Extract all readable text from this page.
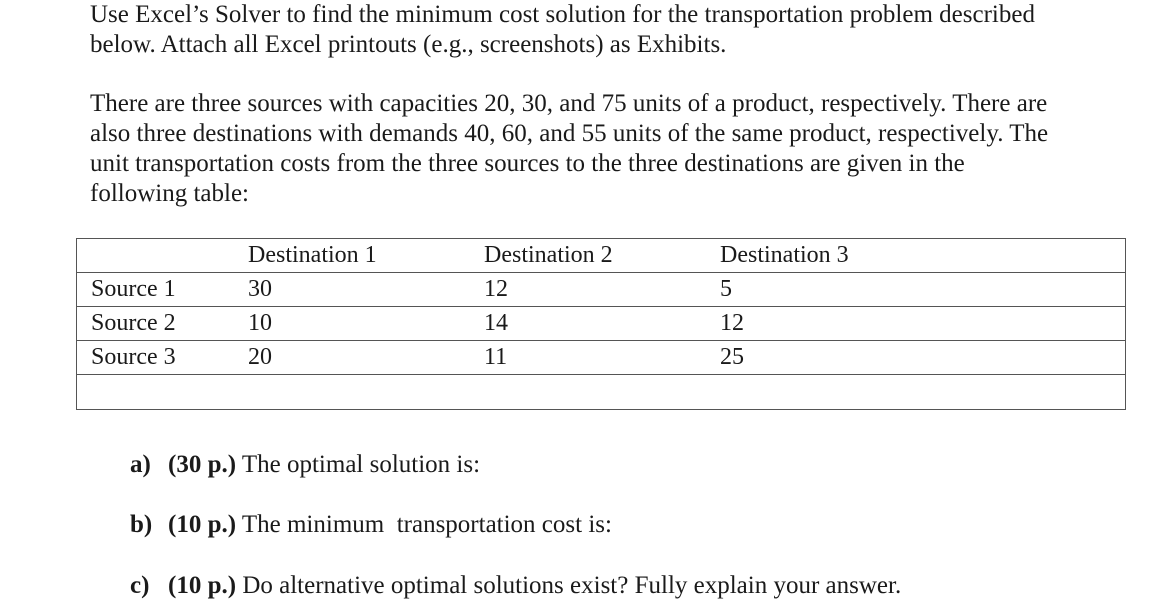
Use Excel’s Solver to find the minimum cost solution for the transportation problem described
below. Attach all Excel printouts (e.g., screenshots) as Exhibits.

There are three sources with capacities 20, 30, and 75 units of a product, respectively. There are
also three destinations with demands 40, 60, and 55 units of the same product, respectively. The
unit transportation costs from the three sources to the three destinations are given in the
following table:

	Destination 1	Destination 2	Destination 3
Source 1	30	12	5
Source 2	10	14	12
Source 3	20	11	25

a) (30 p.) The optimal solution is:

b) (10 p.) The minimum  transportation cost is:

c) (10 p.) Do alternative optimal solutions exist? Fully explain your answer.
